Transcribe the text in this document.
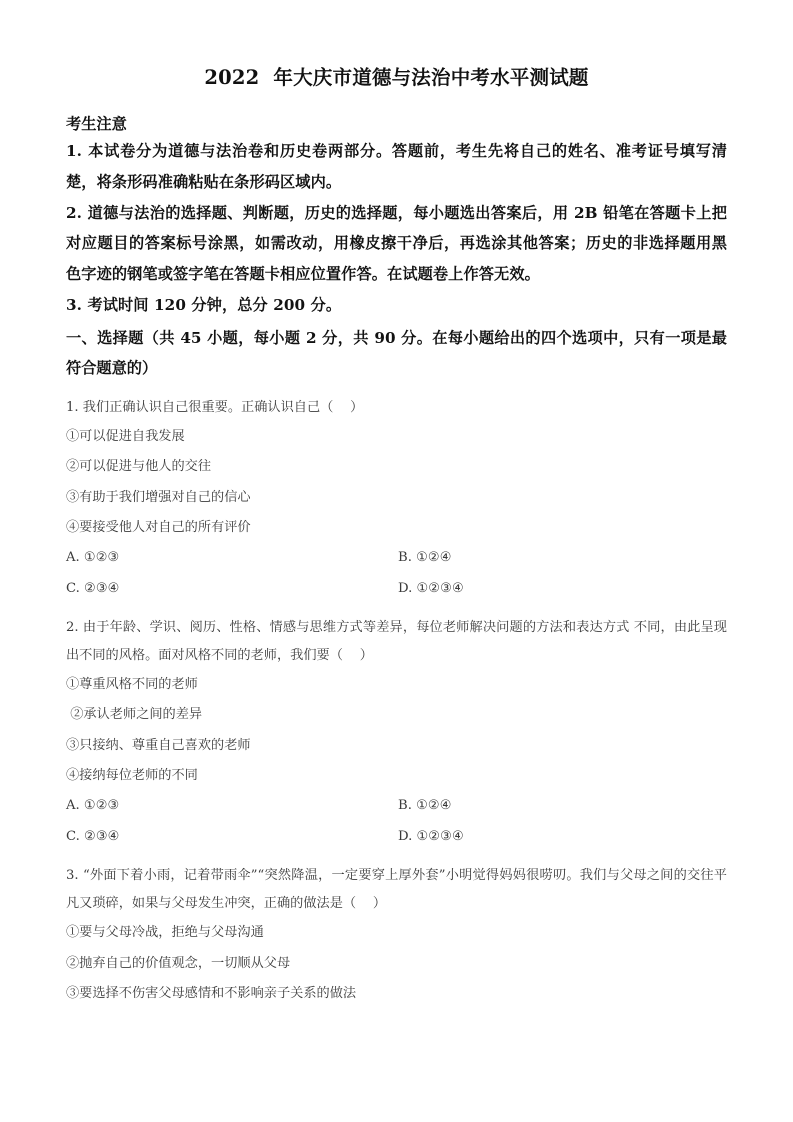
2022  年大庆市道德与法治中考水平测试题
考生注意
1. 本试卷分为道德与法治卷和历史卷两部分。答题前，考生先将自己的姓名、准考证号填写清楚，将条形码准确粘贴在条形码区域内。
2. 道德与法治的选择题、判断题，历史的选择题，每小题选出答案后，用 2B 铅笔在答题卡上把对应题目的答案标号涂黑，如需改动，用橡皮擦干净后，再选涂其他答案；历史的非选择题用黑 色字迹的钢笔或签字笔在答题卡相应位置作答。在试题卷上作答无效。
3. 考试时间 120 分钟，总分 200 分。
一、选择题（共 45 小题，每小题 2 分，共 90 分。在每小题给出的四个选项中，只有一项是最 符合题意的）
1. 我们正确认识自己很重要。正确认识自己（    ）
①可以促进自我发展
②可以促进与他人的交往
③有助于我们增强对自己的信心
④要接受他人对自己的所有评价
A. ①②③	B. ①②④
C. ②③④	D. ①②③④
2. 由于年龄、学识、阅历、性格、情感与思维方式等差异，每位老师解决问题的方法和表达方式 不同，由此呈现出不同的风格。面对风格不同的老师，我们要（    ）
①尊重风格不同的老师
②承认老师之间的差异
③只接纳、尊重自己喜欢的老师
④接纳每位老师的不同
A. ①②③	B. ①②④
C. ②③④	D. ①②③④
3. “外面下着小雨，记着带雨伞”“突然降温，一定要穿上厚外套”小明觉得妈妈很唠叨。我们与父母之间的交往平凡又琐碎，如果与父母发生冲突，正确的做法是（    ）
①要与父母冷战，拒绝与父母沟通
②抛弃自己的价值观念，一切顺从父母
③要选择不伤害父母感情和不影响亲子关系的做法
